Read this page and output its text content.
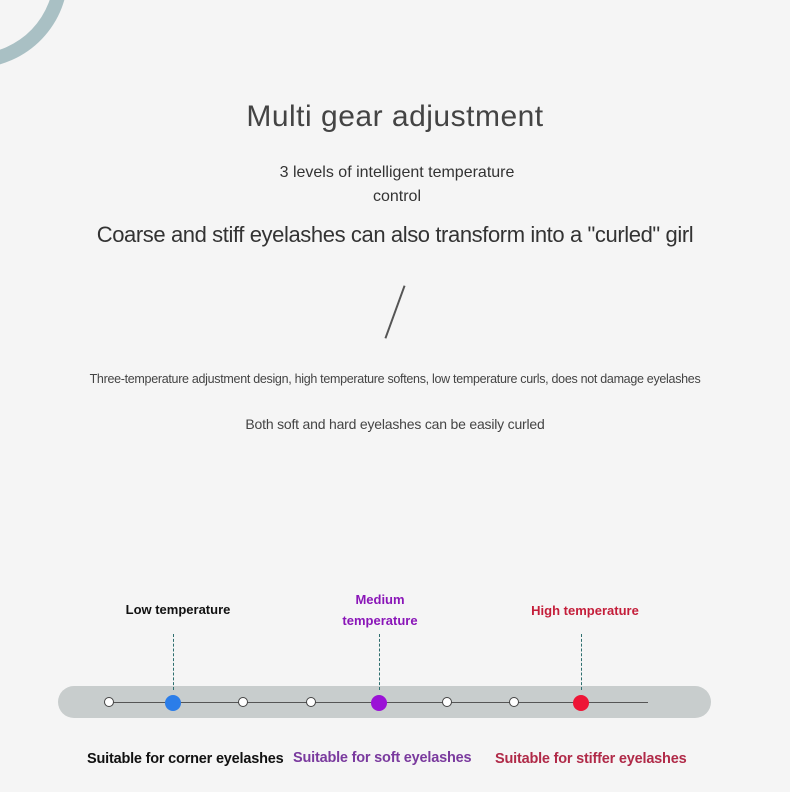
Multi gear adjustment
3 levels of intelligent temperature control
Coarse and stiff eyelashes can also transform into a "curled" girl
Three-temperature adjustment design, high temperature softens, low temperature curls, does not damage eyelashes
Both soft and hard eyelashes can be easily curled
Low temperature
Medium temperature
High temperature
Suitable for corner eyelashes Suitable for soft eyelashes Suitable for stiffer eyelashes
